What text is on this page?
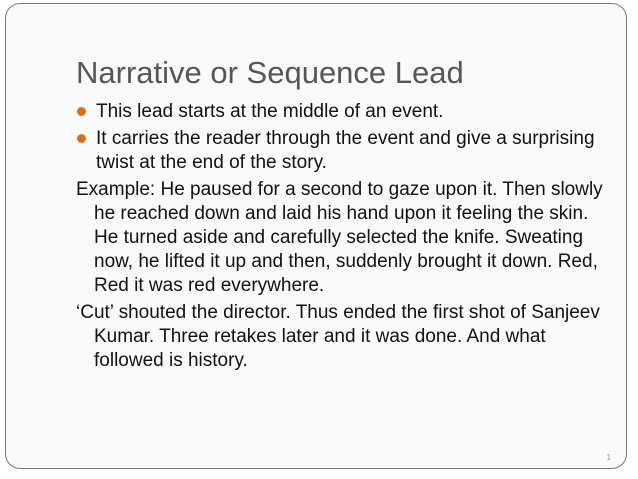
Narrative or Sequence Lead
This lead starts at the middle of an event.
It carries the reader through the event and give a surprising twist at the end of the story.
Example: He paused for a second to gaze upon it. Then slowly he reached down and laid his hand upon it feeling the skin. He turned aside and carefully selected the knife. Sweating now, he lifted it up and then, suddenly brought it down. Red, Red it was red everywhere.
‘Cut’ shouted the director. Thus ended the first shot of Sanjeev Kumar. Three retakes later and it was done. And what followed is history.
1
